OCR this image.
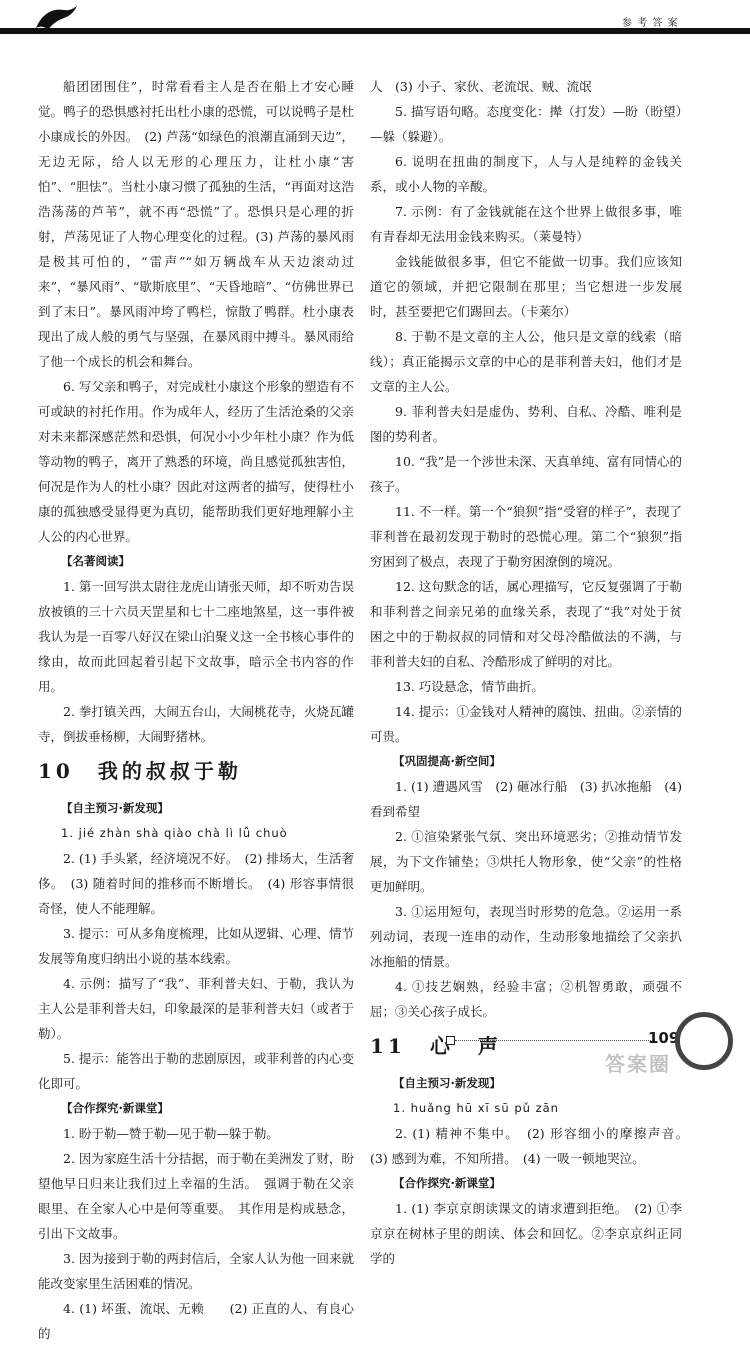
参 考 答 案

船团团围住”，时常看看主人是否在船上才安心睡觉。鸭子的恐惧感衬托出杜小康的恐慌，可以说鸭子是杜小康成长的外因。　(2) 芦荡“如绿色的浪潮直涌到天边”，无边无际，给人以无形的心理压力，让杜小康“害怕”、“胆怯”。当杜小康习惯了孤独的生活，“再面对这浩浩荡荡的芦苇”，就不再“恐慌”了。恐惧只是心理的折射，芦荡见证了人物心理变化的过程。(3) 芦荡的暴风雨是极其可怕的，“雷声”“如万辆战车从天边滚动过来”，“暴风雨”、“歇斯底里”、“天昏地暗”、“仿佛世界已到了末日”。暴风雨冲垮了鸭栏，惊散了鸭群。杜小康表现出了成人般的勇气与坚强，在暴风雨中搏斗。暴风雨给了他一个成长的机会和舞台。

6. 写父亲和鸭子，对完成杜小康这个形象的塑造有不可或缺的衬托作用。作为成年人，经历了生活沧桑的父亲对未来都深感茫然和恐惧，何况小小少年杜小康？作为低等动物的鸭子，离开了熟悉的环境，尚且感觉孤独害怕，何况是作为人的杜小康？因此对这两者的描写，使得杜小康的孤独感受显得更为真切，能帮助我们更好地理解小主人公的内心世界。

【名著阅读】

1. 第一回写洪太尉往龙虎山请张天师，却不听劝告误放被镇的三十六员天罡星和七十二座地煞星，这一事件被我认为是一百零八好汉在梁山泊聚义这一全书核心事件的缘由，故而此回起着引起下文故事，暗示全书内容的作用。

2. 拳打镇关西，大闹五台山，大闹桃花寺，火烧瓦罐寺，倒拔垂杨柳，大闹野猪林。

10　我的叔叔于勒

【自主预习·新发现】

1. jié zhàn shà qiào chà lì lǚ chuò

2. (1) 手头紧，经济境况不好。　(2) 排场大，生活奢侈。　(3) 随着时间的推移而不断增长。　(4) 形容事情很奇怪，使人不能理解。

3. 提示：可从多角度梳理，比如从逻辑、心理、情节发展等角度归纳出小说的基本线索。

4. 示例：描写了“我”、菲利普夫妇、于勒，我认为主人公是菲利普夫妇，印象最深的是菲利普夫妇（或者于勒）。

5. 提示：能答出于勒的悲剧原因，或菲利普的内心变化即可。

【合作探究·新课堂】

1. 盼于勒—赞于勒—见于勒—躲于勒。

2. 因为家庭生活十分拮据，而于勒在美洲发了财，盼望他早日归来让我们过上幸福的生活。　强调于勒在父亲眼里、在全家人心中是何等重要。　其作用是构成悬念，引出下文故事。

3. 因为接到于勒的两封信后，全家人认为他一回来就能改变家里生活困难的情况。

4. (1) 坏蛋、流氓、无赖　　(2) 正直的人、有良心的

人　(3) 小子、家伙、老流氓、贼、流氓

5. 描写语句略。态度变化：撵（打发）—盼（盼望）—躲（躲避）。

6. 说明在扭曲的制度下，人与人是纯粹的金钱关系，或小人物的辛酸。

7. 示例：有了金钱就能在这个世界上做很多事，唯有青春却无法用金钱来购买。（莱曼特）

金钱能做很多事，但它不能做一切事。我们应该知道它的领域，并把它限制在那里；当它想进一步发展时，甚至要把它们踢回去。（卡莱尔）

8. 于勒不是文章的主人公，他只是文章的线索（暗线）；真正能揭示文章的中心的是菲利普夫妇，他们才是文章的主人公。

9. 菲利普夫妇是虚伪、势利、自私、冷酷、唯利是图的势利者。

10. “我”是一个涉世未深、天真单纯、富有同情心的孩子。

11. 不一样。第一个“狼狈”指“受窘的样子”，表现了菲利普在最初发现于勒时的恐慌心理。第二个“狼狈”指穷困到了极点，表现了于勒穷困潦倒的境况。

12. 这句默念的话，属心理描写，它反复强调了于勒和菲利普之间亲兄弟的血缘关系，表现了“我”对处于贫困之中的于勒叔叔的同情和对父母冷酷做法的不满，与菲利普夫妇的自私、冷酷形成了鲜明的对比。

13. 巧设悬念，情节曲折。

14. 提示：①金钱对人精神的腐蚀、扭曲。②亲情的可贵。

【巩固提高·新空间】

1. (1) 遭遇风雪　(2) 砸冰行船　(3) 扒冰拖船　(4) 看到希望

2. ①渲染紧张气氛、突出环境恶劣；②推动情节发展，为下文作铺垫；③烘托人物形象，使“父亲”的性格更加鲜明。

3. ①运用短句，表现当时形势的危急。②运用一系列动词，表现一连串的动作，生动形象地描绘了父亲扒冰拖船的情景。

4. ①技艺娴熟，经验丰富；②机智勇敢，顽强不屈；③关心孩子成长。

11　心　声

【自主预习·新发现】

1. huǎng hū xī sū pǔ zān

2. (1) 精神不集中。　(2) 形容细小的摩擦声音。　(3) 感到为难，不知所措。　(4) 一吸一顿地哭泣。

【合作探究·新课堂】

1. (1) 李京京朗读课文的请求遭到拒绝。　(2) ①李京京在树林子里的朗读、体会和回忆。②李京京纠正同学的

109
答案圈
